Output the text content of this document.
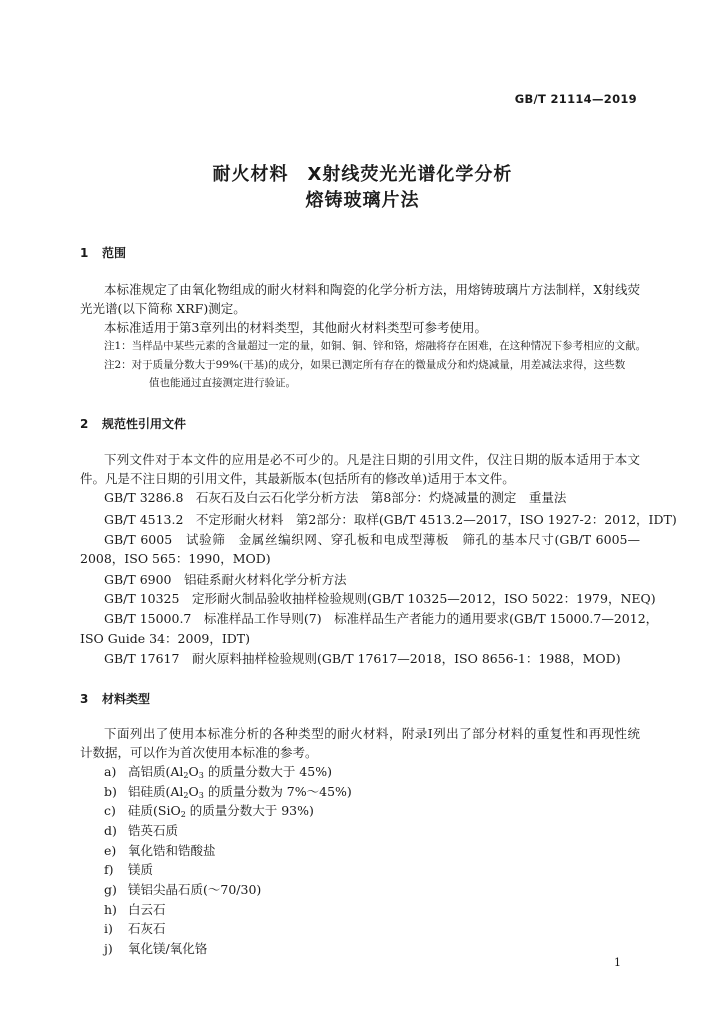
GB/T 21114—2019
耐火材料　X射线荧光光谱化学分析
熔铸玻璃片法
1 范围
本标准规定了由氧化物组成的耐火材料和陶瓷的化学分析方法，用熔铸玻璃片方法制样，X射线荧
光光谱(以下简称 XRF)测定。
本标准适用于第3章列出的材料类型，其他耐火材料类型可参考使用。
注1：当样品中某些元素的含量超过一定的量，如铜、铜、锌和铬，熔融将存在困难，在这种情况下参考相应的文献。
注2：对于质量分数大于99%(干基)的成分，如果已测定所有存在的微量成分和灼烧减量，用差减法求得，这些数
值也能通过直接测定进行验证。
2 规范性引用文件
下列文件对于本文件的应用是必不可少的。凡是注日期的引用文件，仅注日期的版本适用于本文
件。凡是不注日期的引用文件，其最新版本(包括所有的修改单)适用于本文件。
GB/T 3286.8　石灰石及白云石化学分析方法　第8部分：灼烧减量的测定　重量法
GB/T 4513.2　不定形耐火材料　第2部分：取样(GB/T 4513.2—2017，ISO 1927-2：2012，IDT)
GB/T 6005　试验筛　金属丝编织网、穿孔板和电成型薄板　筛孔的基本尺寸(GB/T 6005—
2008，ISO 565：1990，MOD)
GB/T 6900　铝硅系耐火材料化学分析方法
GB/T 10325　定形耐火制品验收抽样检验规则(GB/T 10325—2012，ISO 5022：1979，NEQ)
GB/T 15000.7　标准样品工作导则(7)　标准样品生产者能力的通用要求(GB/T 15000.7—2012，
ISO Guide 34：2009，IDT)
GB/T 17617　耐火原料抽样检验规则(GB/T 17617—2018，ISO 8656-1：1988，MOD)
3 材料类型
下面列出了使用本标准分析的各种类型的耐火材料，附录I列出了部分材料的重复性和再现性统
计数据，可以作为首次使用本标准的参考。
a) 高铝质($Al_2O_3$ 的质量分数大于 45%)
b) 铝硅质($Al_2O_3$ 的质量分数为 7%～45%)
c) 硅质(SiO$_2$ 的质量分数大于 93%)
d) 锆英石质
e) 氧化锆和锆酸盐
f) 镁质
g) 镁铝尖晶石质(～70/30)
h) 白云石
i) 石灰石
j) 氧化镁/氧化铬
1
